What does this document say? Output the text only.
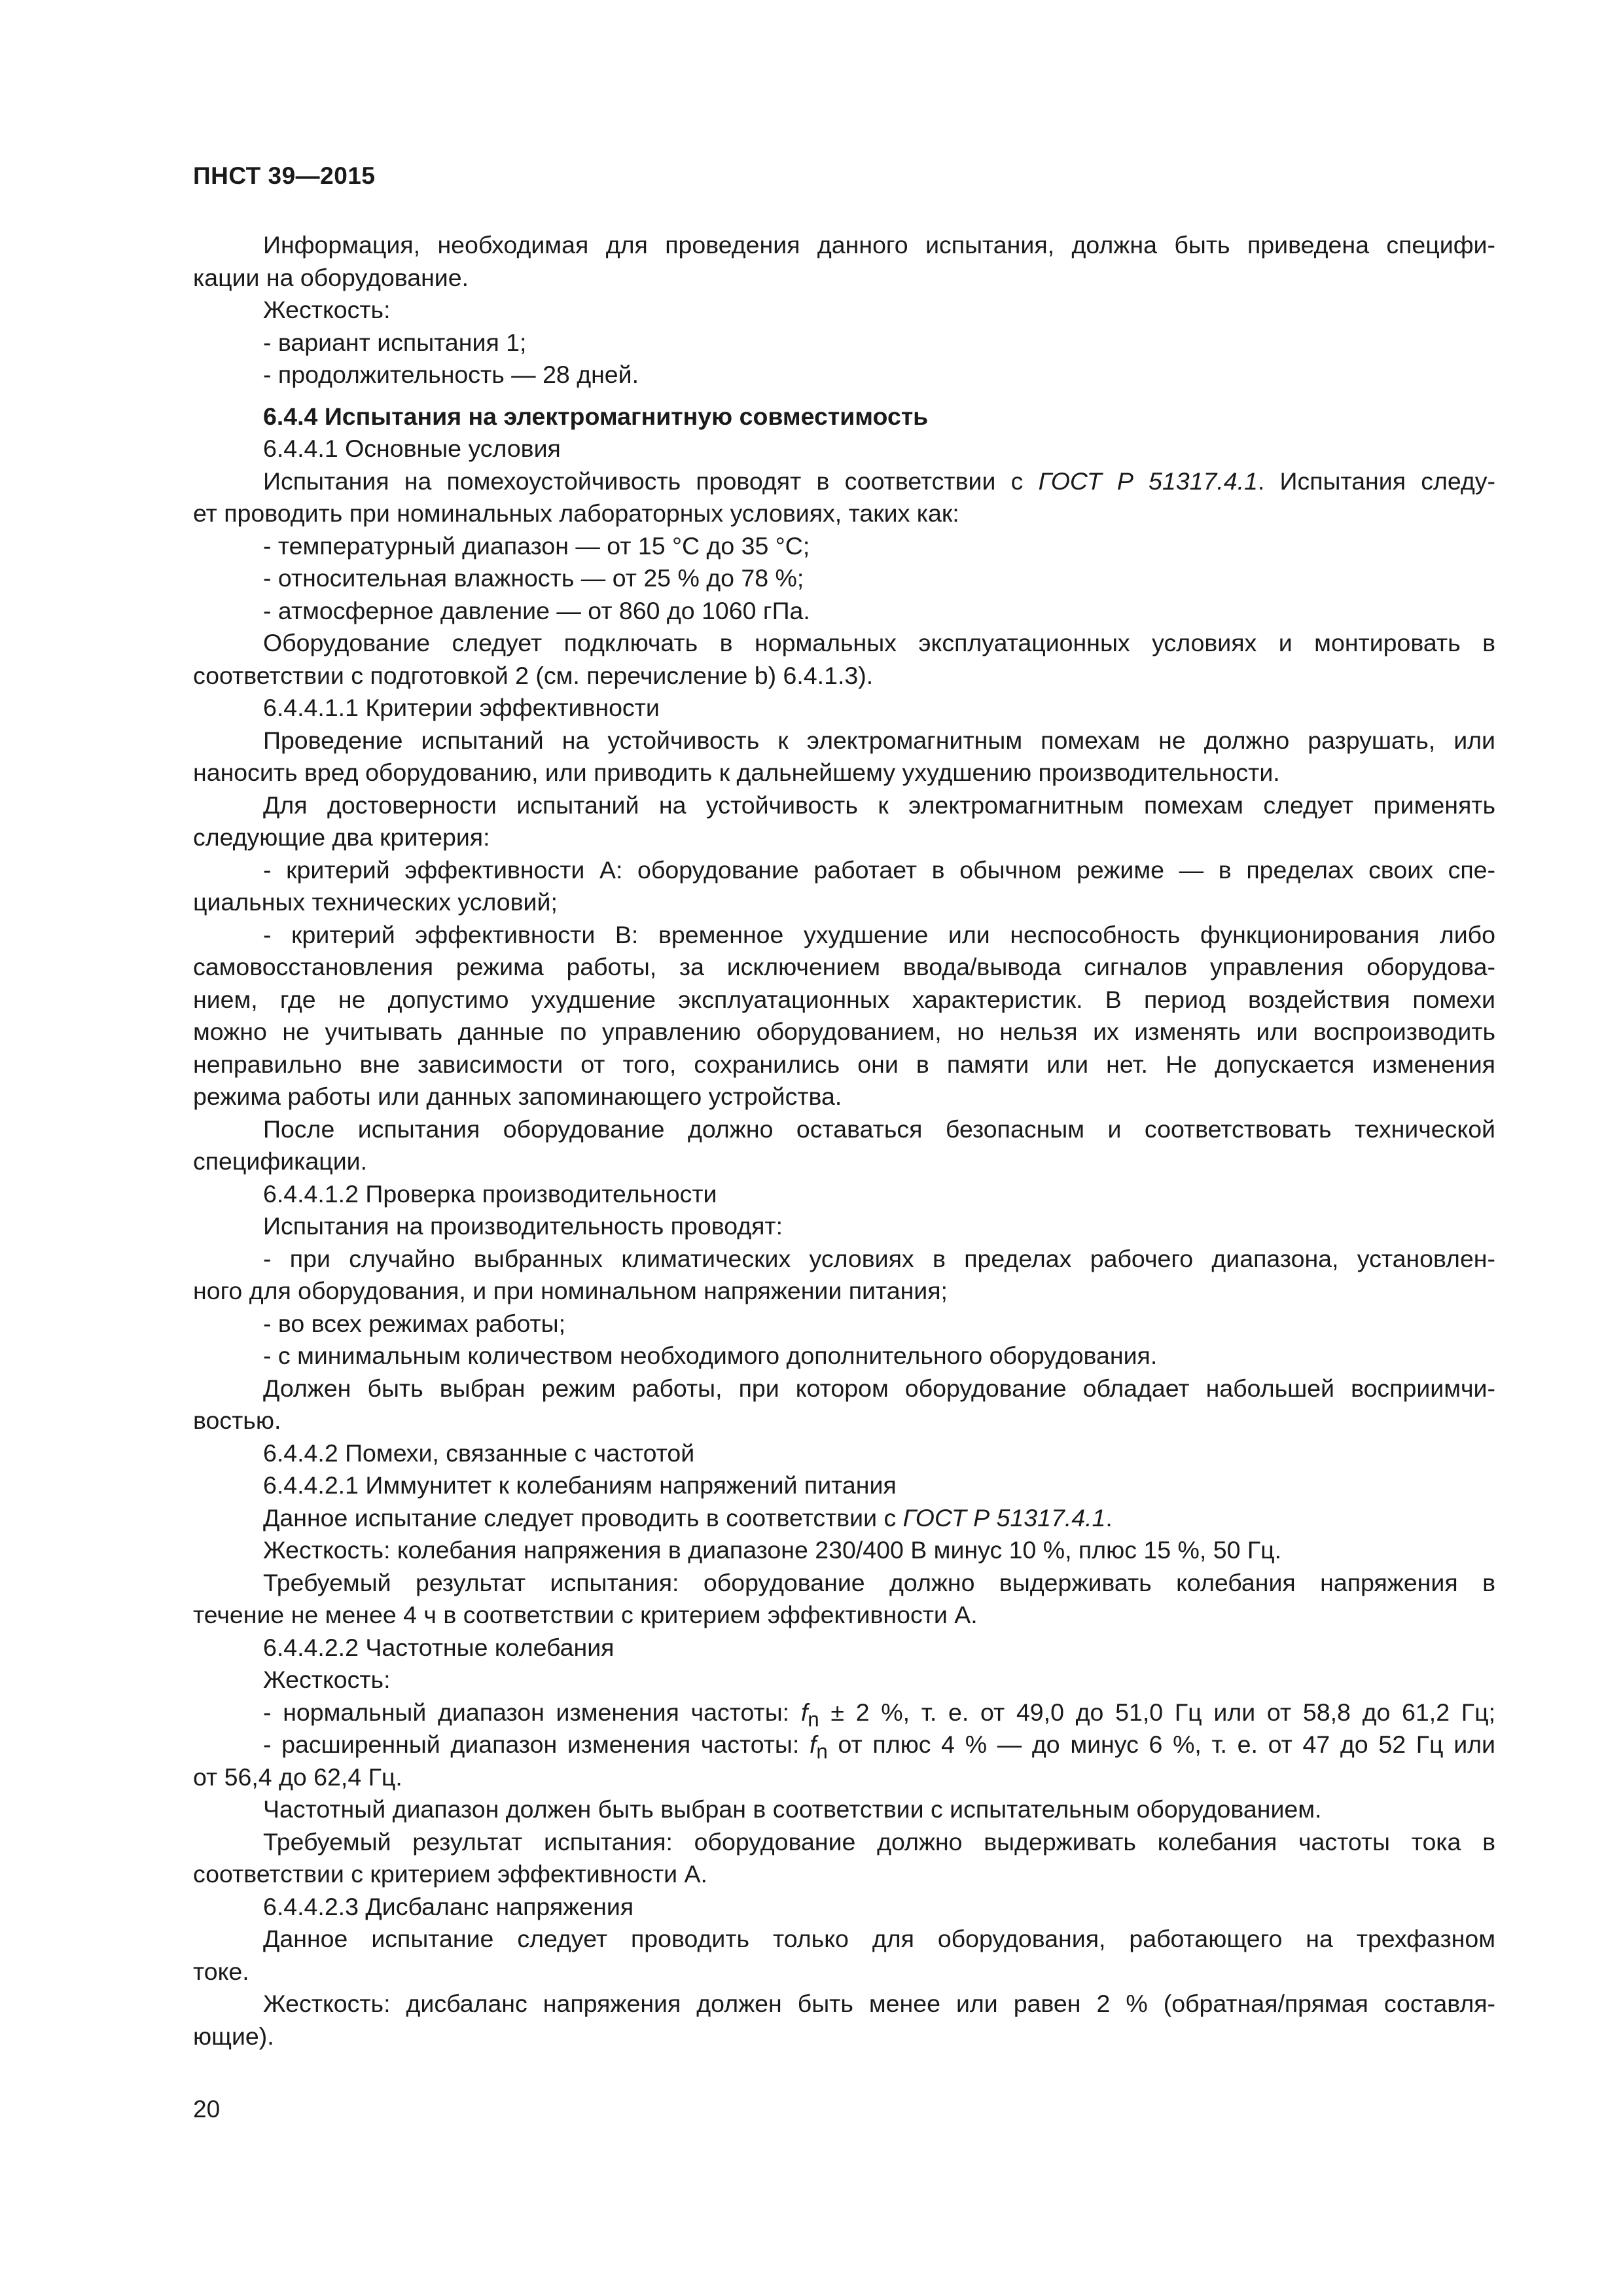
ПНСТ 39—2015
Информация, необходимая для проведения данного испытания, должна быть приведена специфи-
кации на оборудование.
Жесткость:
- вариант испытания 1;
- продолжительность — 28 дней.
6.4.4 Испытания на электромагнитную совместимость
6.4.4.1 Основные условия
Испытания на помехоустойчивость проводят в соответствии с ГОСТ Р 51317.4.1. Испытания следу-
ет проводить при номинальных лабораторных условиях, таких как:
- температурный диапазон — от 15 °С до 35 °С;
- относительная влажность — от 25 % до 78 %;
- атмосферное давление — от 860 до 1060 гПа.
Оборудование следует подключать в нормальных эксплуатационных условиях и монтировать в
соответствии с подготовкой 2 (см. перечисление b) 6.4.1.3).
6.4.4.1.1 Критерии эффективности
Проведение испытаний на устойчивость к электромагнитным помехам не должно разрушать, или
наносить вред оборудованию, или приводить к дальнейшему ухудшению производительности.
Для достоверности испытаний на устойчивость к электромагнитным помехам следует применять
следующие два критерия:
- критерий эффективности А: оборудование работает в обычном режиме — в пределах своих спе-
циальных технических условий;
- критерий эффективности В: временное ухудшение или неспособность функционирования либо
самовосстановления режима работы, за исключением ввода/вывода сигналов управления оборудова-
нием, где не допустимо ухудшение эксплуатационных характеристик. В период воздействия помехи
можно не учитывать данные по управлению оборудованием, но нельзя их изменять или воспроизводить
неправильно вне зависимости от того, сохранились они в памяти или нет. Не допускается изменения
режима работы или данных запоминающего устройства.
После испытания оборудование должно оставаться безопасным и соответствовать технической
спецификации.
6.4.4.1.2 Проверка производительности
Испытания на производительность проводят:
- при случайно выбранных климатических условиях в пределах рабочего диапазона, установлен-
ного для оборудования, и при номинальном напряжении питания;
- во всех режимах работы;
- с минимальным количеством необходимого дополнительного оборудования.
Должен быть выбран режим работы, при котором оборудование обладает набольшей восприимчи-
востью.
6.4.4.2 Помехи, связанные с частотой
6.4.4.2.1 Иммунитет к колебаниям напряжений питания
Данное испытание следует проводить в соответствии с ГОСТ Р 51317.4.1.
Жесткость: колебания напряжения в диапазоне 230/400 В минус 10 %, плюс 15 %, 50 Гц.
Требуемый результат испытания: оборудование должно выдерживать колебания напряжения в
течение не менее 4 ч в соответствии с критерием эффективности А.
6.4.4.2.2 Частотные колебания
Жесткость:
- нормальный диапазон изменения частоты: $f_n \pm 2$ %, т. е. от 49,0 до 51,0 Гц или от 58,8 до 61,2 Гц;
- расширенный диапазон изменения частоты: $f_n$ от плюс 4 % — до минус 6 %, т. е. от 47 до 52 Гц или
от 56,4 до 62,4 Гц.
Частотный диапазон должен быть выбран в соответствии с испытательным оборудованием.
Требуемый результат испытания: оборудование должно выдерживать колебания частоты тока в
соответствии с критерием эффективности А.
6.4.4.2.3 Дисбаланс напряжения
Данное испытание следует проводить только для оборудования, работающего на трехфазном
токе.
Жесткость: дисбаланс напряжения должен быть менее или равен 2 % (обратная/прямая составля-
ющие).
20
